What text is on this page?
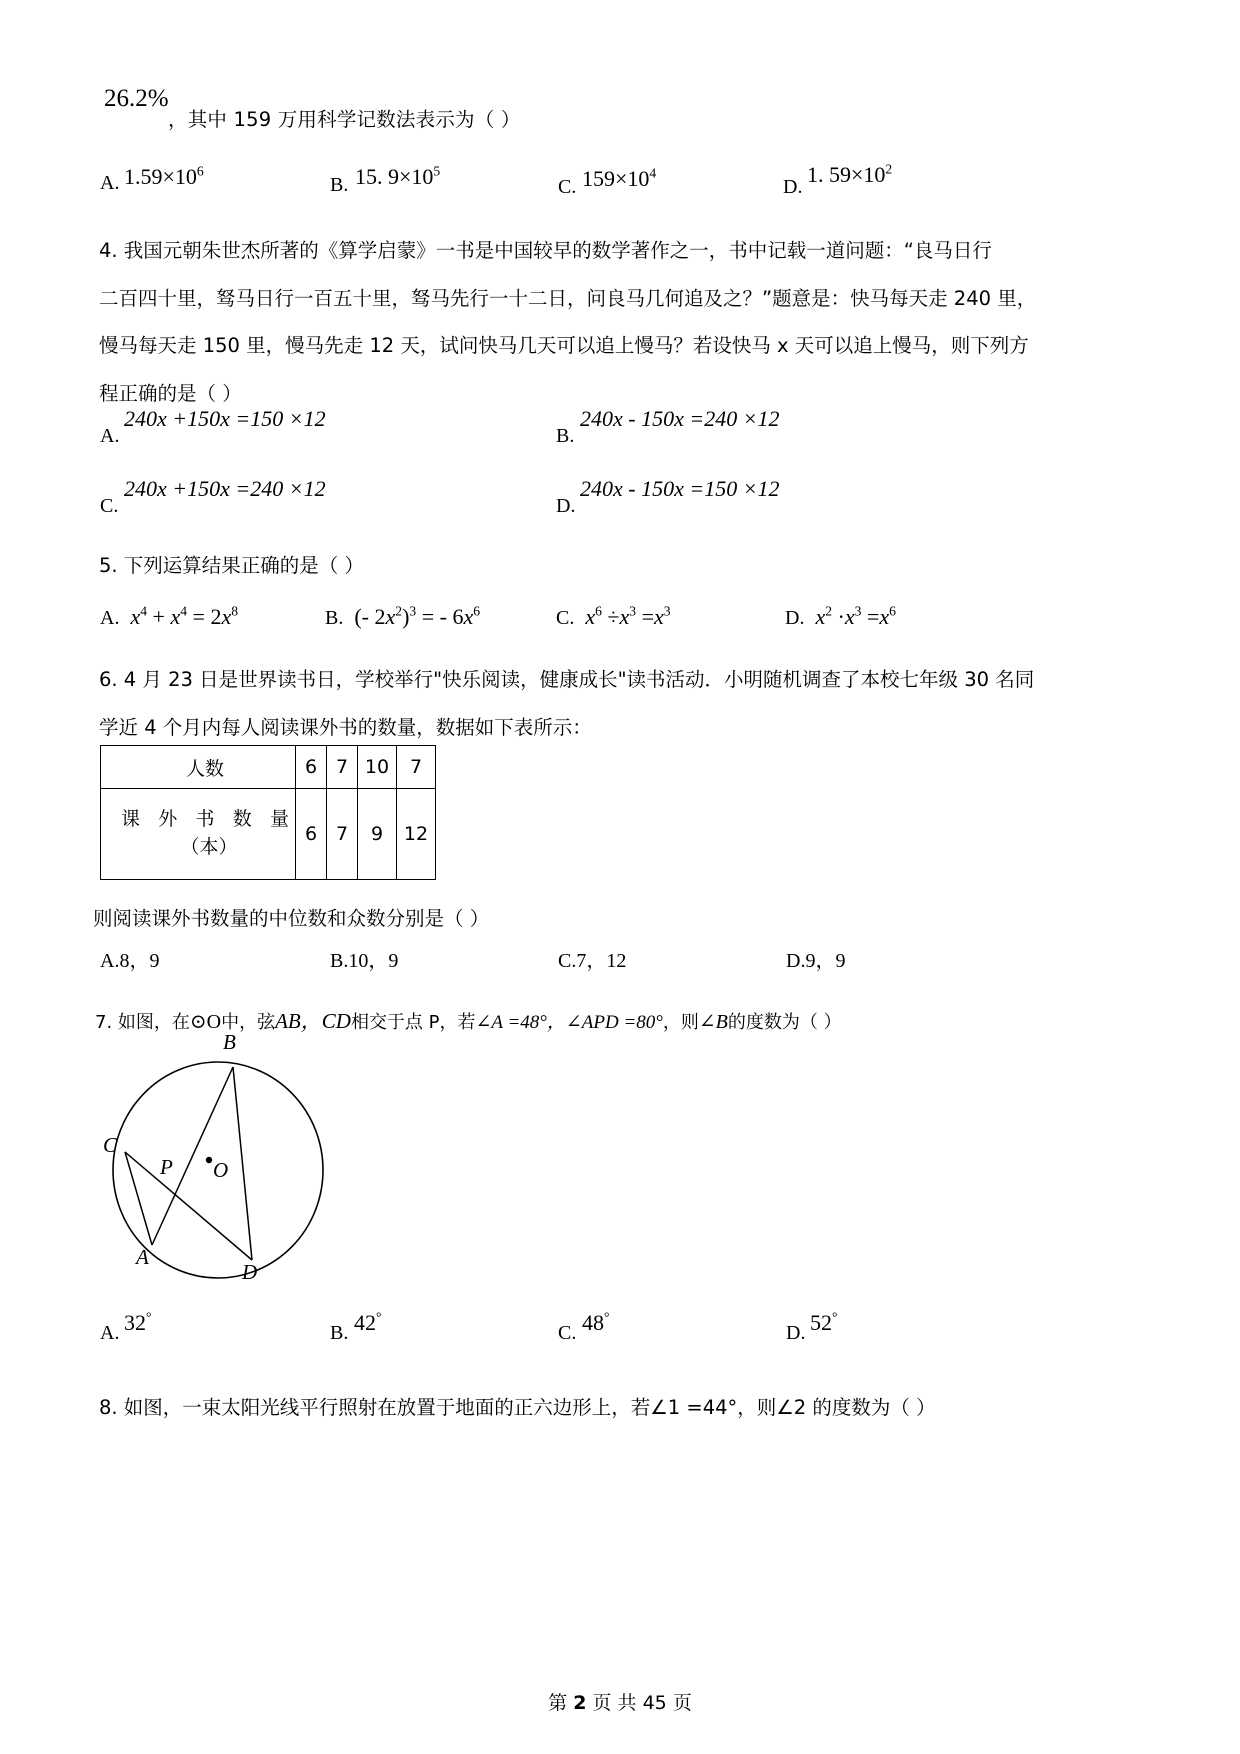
26.2%
，其中 159 万用科学记数法表示为（ ）
A. $1.59\times 10^6$
B. 15. $9\times 10^5$
C. $159\times 10^4$
D. 1. $59\times 10^2$
4. 我国元朝朱世杰所著的《算学启蒙》一书是中国较早的数学著作之一，书中记载一道问题：“良马日行
二百四十里，驽马日行一百五十里，驽马先行一十二日，问良马几何追及之？”题意是：快马每天走 240 里，
慢马每天走 150 里，慢马先走 12 天，试问快马几天可以追上慢马？若设快马 x 天可以追上慢马，则下列方
程正确的是（ ）
A.
240x +150x =150 ×12
B.
240x - 150x =240 ×12
C.
240x +150x =240 ×12
D.
240x - 150x =150 ×12
5. 下列运算结果正确的是（ ）
A. $x^4 + x^4 = 2x^8$	B. (- $2x^2)^3$ = - $6x^6$	C. $x^6 \div x^3 =x^3$	D. $x^2 \cdot x^3 =x^6$
6. 4 月 23 日是世界读书日，学校举行"快乐阅读，健康成长"读书活动．小明随机调查了本校七年级 30 名同
学近 4 个月内每人阅读课外书的数量，数据如下表所示：
人数	6	7	10	7
课 外 书 数 量
（本）	6	7	9	12
则阅读课外书数量的中位数和众数分别是（ ）
A.8，9	B.10，9	C.7，12	D.9，9
7. 如图，在⊙O中，弦AB，CD相交于点 P，若∠A =48°，∠APD =80°，则∠B的度数为（ ）
B
C
P O
A
D
A. 32°
B. 42°
C. 48°
D. 52°
8. 如图，一束太阳光线平行照射在放置于地面的正六边形上，若∠1 =44°，则∠2 的度数为（ ）
第 2 页 共 45 页
